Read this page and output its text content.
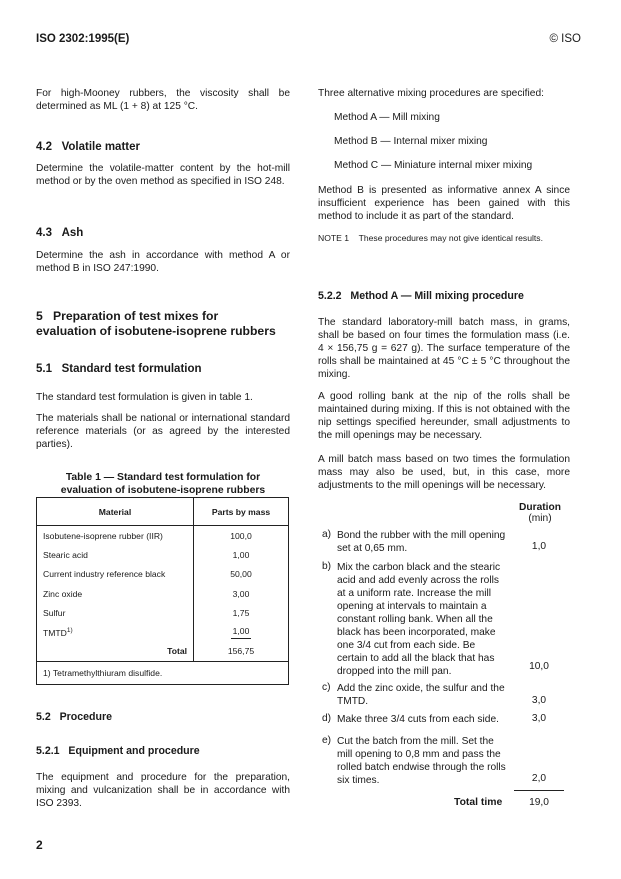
ISO 2302:1995(E)	© ISO
For high-Mooney rubbers, the viscosity shall be determined as ML (1 + 8) at 125 °C.
4.2 Volatile matter
Determine the volatile-matter content by the hot-mill method or by the oven method as specified in ISO 248.
4.3 Ash
Determine the ash in accordance with method A or method B in ISO 247:1990.
5 Preparation of test mixes for
evaluation of isobutene-isoprene rubbers
5.1 Standard test formulation
The standard test formulation is given in table 1.
The materials shall be national or international standard reference materials (or as agreed by the interested parties).
Table 1 — Standard test formulation for
evaluation of isobutene-isoprene rubbers
Material	Parts by mass
Isobutene-isoprene rubber (IIR)	100,0
Stearic acid	1,00
Current industry reference black	50,00
Zinc oxide	3,00
Sulfur	1,75
TMTD$^{1)}$	1,00
Total	156,75
1) Tetramethylthiuram disulfide.
5.2 Procedure
5.2.1 Equipment and procedure
The equipment and procedure for the preparation, mixing and vulcanization shall be in accordance with ISO 2393.
Three alternative mixing procedures are specified:
Method A — Mill mixing
Method B — Internal mixer mixing
Method C — Miniature internal mixer mixing
Method B is presented as informative annex A since insufficient experience has been gained with this method to include it as part of the standard.
NOTE 1 These procedures may not give identical results.
5.2.2 Method A — Mill mixing procedure
The standard laboratory-mill batch mass, in grams, shall be based on four times the formulation mass (i.e. 4 × 156,75 g = 627 g). The surface temperature of the rolls shall be maintained at 45 °C ± 5 °C throughout the mixing.
A good rolling bank at the nip of the rolls shall be maintained during mixing. If this is not obtained with the nip settings specified hereunder, small adjustments to the mill openings may be necessary.
A mill batch mass based on two times the formulation mass may also be used, but, in this case, more adjustments to the mill openings will be necessary.
Duration
(min)
a) Bond the rubber with the mill opening set at 0,65 mm.	1,0
b) Mix the carbon black and the stearic acid and add evenly across the rolls at a uniform rate. Increase the mill opening at intervals to maintain a constant rolling bank. When all the black has been incorporated, make one 3/4 cut from each side. Be certain to add all the black that has dropped into the mill pan.	10,0
c) Add the zinc oxide, the sulfur and the TMTD.	3,0
d) Make three 3/4 cuts from each side.	3,0
e) Cut the batch from the mill. Set the mill opening to 0,8 mm and pass the rolled batch endwise through the rolls six times.	2,0
Total time	19,0
2
